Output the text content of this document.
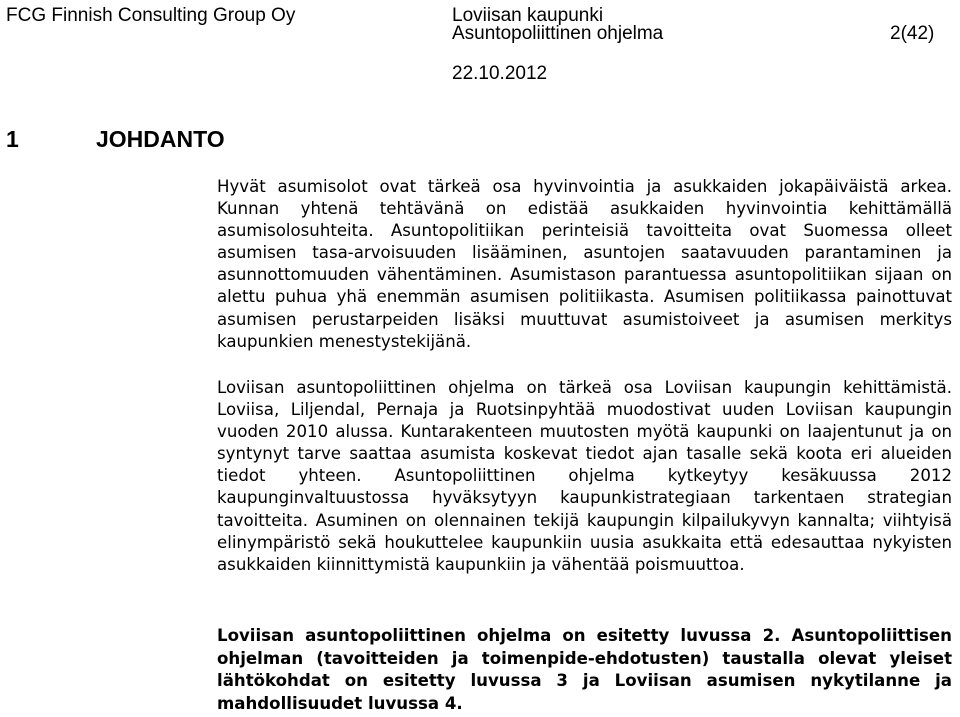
FCG Finnish Consulting Group Oy	Loviisan kaupunki
Asuntopoliittinen ohjelma	2(42)
22.10.2012
1	JOHDANTO

Hyvät asumisolot ovat tärkeä osa hyvinvointia ja asukkaiden jokapäiväistä arkea. Kunnan yhtenä tehtävänä on edistää asukkaiden hyvinvointia kehittämällä asumisolosuhteita. Asuntopolitiikan perinteisiä tavoitteita ovat Suomessa olleet asumisen tasa-arvoisuuden lisääminen, asuntojen saatavuuden parantaminen ja asunnottomuuden vähentäminen. Asumistason parantuessa asuntopolitiikan sijaan on alettu puhua yhä enemmän asumisen politiikasta. Asumisen politiikassa painottuvat asumisen perustarpeiden lisäksi muuttuvat asumistoiveet ja asumisen merkitys kaupunkien menestystekijänä.

Loviisan asuntopoliittinen ohjelma on tärkeä osa Loviisan kaupungin kehittämistä. Loviisa, Liljendal, Pernaja ja Ruotsinpyhtää muodostivat uuden Loviisan kaupungin vuoden 2010 alussa. Kuntarakenteen muutosten myötä kaupunki on laajentunut ja on syntynyt tarve saattaa asumista koskevat tiedot ajan tasalle sekä koota eri alueiden tiedot yhteen. Asuntopoliittinen ohjelma kytkeytyy kesäkuussa 2012 kaupunginvaltuustossa hyväksytyyn kaupunkistrategiaan tarkentaen strategian tavoitteita. Asuminen on olennainen tekijä kaupungin kilpailukyvyn kannalta; viihtyisä elinympäristö sekä houkuttelee kaupunkiin uusia asukkaita että edesauttaa nykyisten asukkaiden kiinnittymistä kaupunkiin ja vähentää poismuuttoa.

Loviisan asuntopoliittinen ohjelma on esitetty luvussa 2. Asuntopoliittisen ohjelman (tavoitteiden ja toimenpide-ehdotusten) taustalla olevat yleiset lähtökohdat on esitetty luvussa 3 ja Loviisan asumisen nykytilanne ja mahdollisuudet luvussa 4.
